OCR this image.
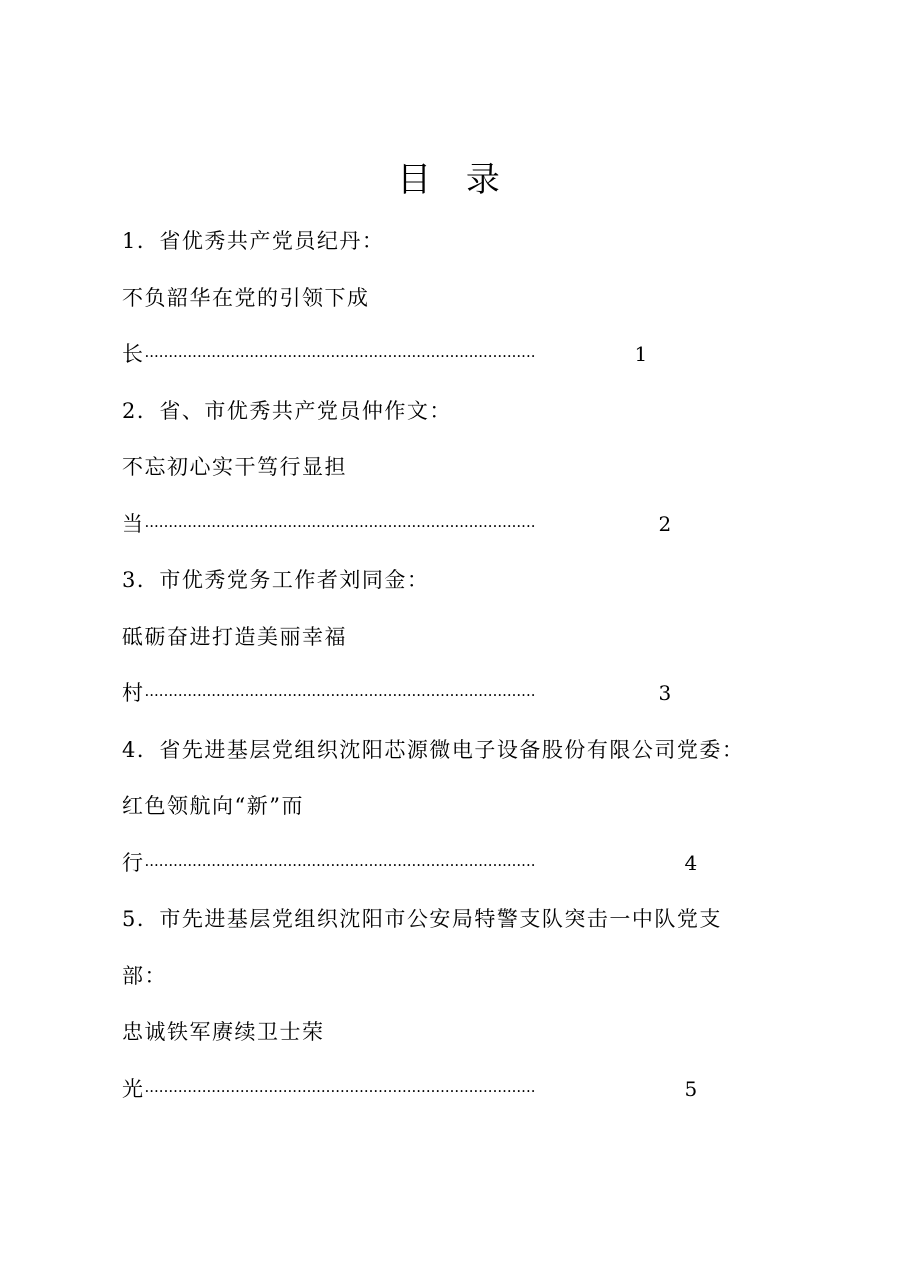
目 录
1．省优秀共产党员纪丹：
不负韶华在党的引领下成
长 ··················································································	1
2．省、市优秀共产党员仲作文：
不忘初心实干笃行显担
当 ··················································································	2
3．市优秀党务工作者刘同金：
砥砺奋进打造美丽幸福
村 ··················································································	3
4．省先进基层党组织沈阳芯源微电子设备股份有限公司党委：
红色领航向“新”而
行 ··················································································	4
5．市先进基层党组织沈阳市公安局特警支队突击一中队党支
部：
忠诚铁军赓续卫士荣
光 ··················································································	5
